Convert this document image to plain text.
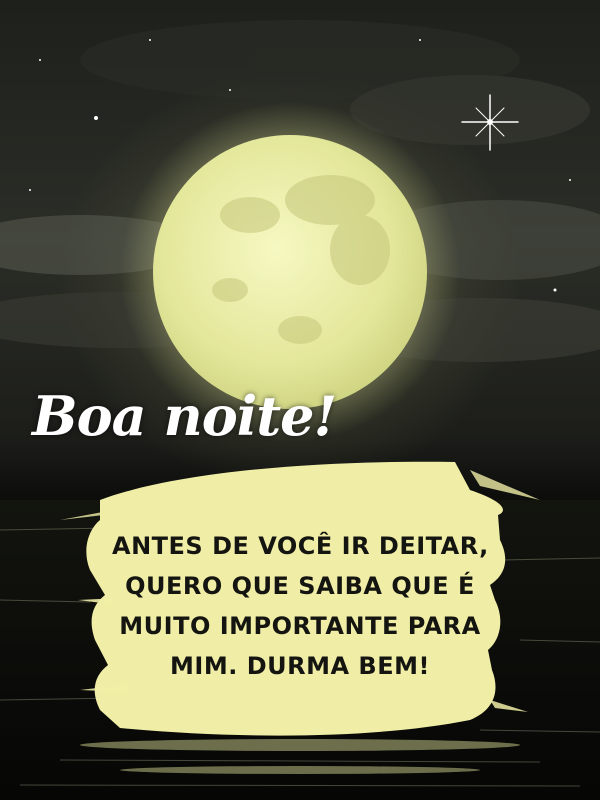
Boa noite!
ANTES DE VOCÊ IR DEITAR,
QUERO QUE SAIBA QUE É
MUITO IMPORTANTE PARA
MIM. DURMA BEM!
